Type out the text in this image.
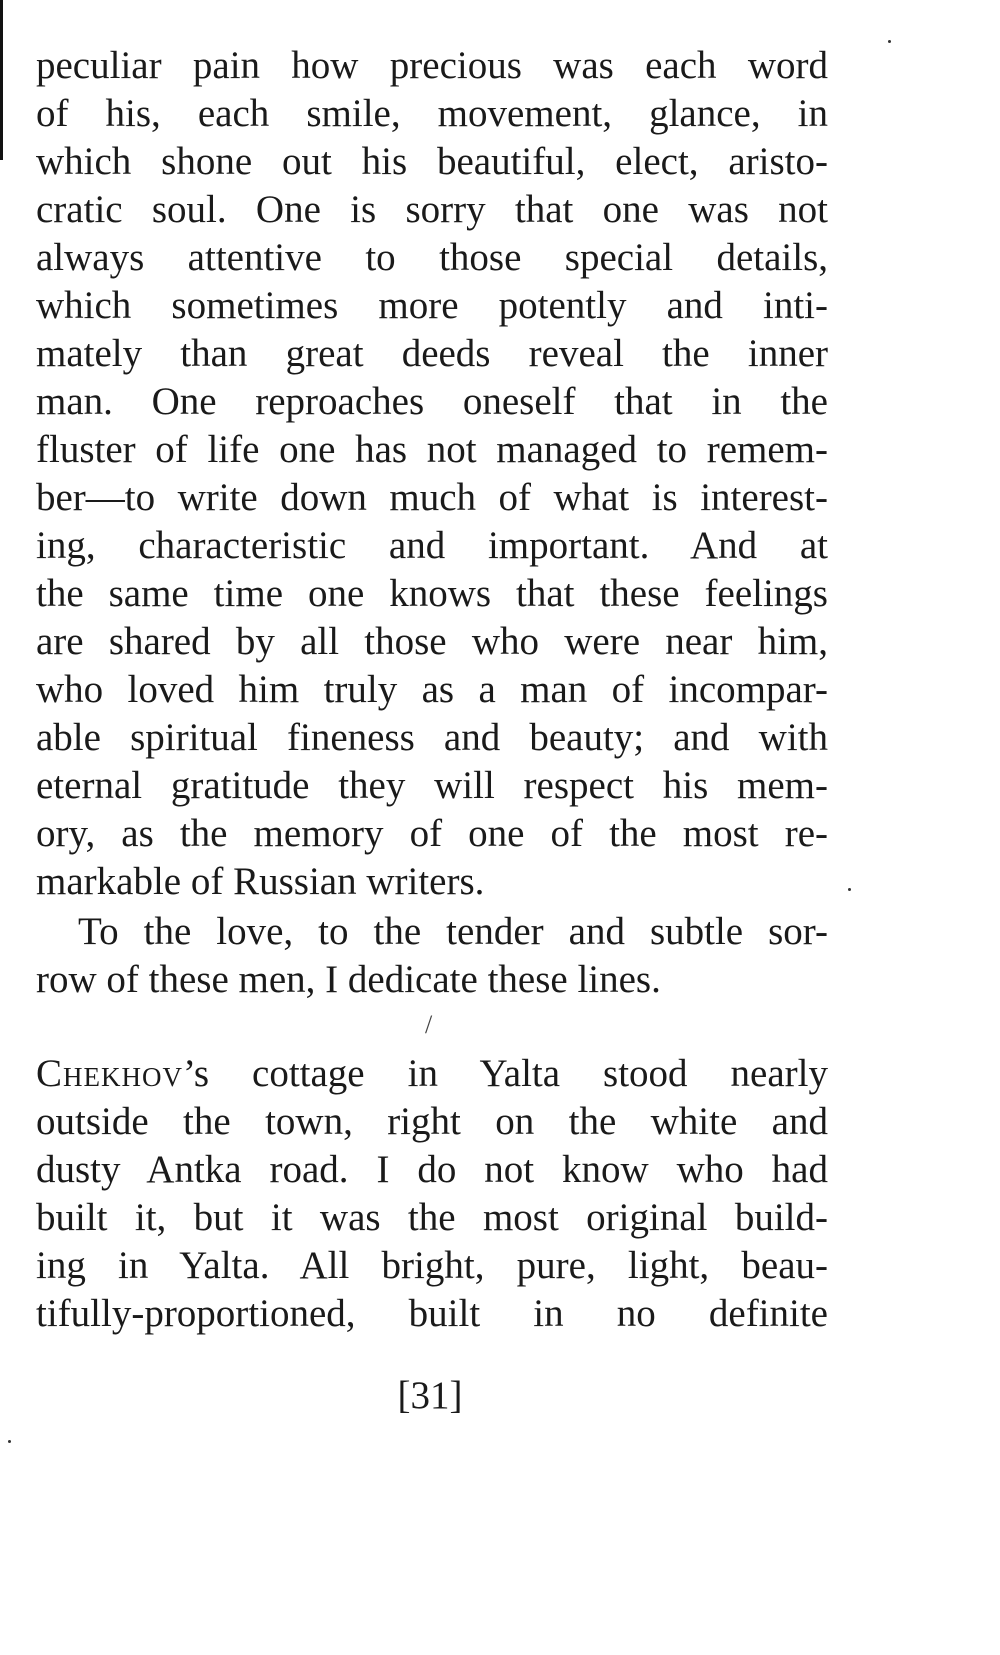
peculiar pain how precious was each word
of his, each smile, movement, glance, in
which shone out his beautiful, elect, aristo-
cratic soul. One is sorry that one was not
always attentive to those special details,
which sometimes more potently and inti-
mately than great deeds reveal the inner
man. One reproaches oneself that in the
fluster of life one has not managed to remem-
ber—to write down much of what is interest-
ing, characteristic and important. And at
the same time one knows that these feelings
are shared by all those who were near him,
who loved him truly as a man of incompar-
able spiritual fineness and beauty; and with
eternal gratitude they will respect his mem-
ory, as the memory of one of the most re-
markable of Russian writers.
To the love, to the tender and subtle sor-
row of these men, I dedicate these lines.
/
Chekhov’s cottage in Yalta stood nearly
outside the town, right on the white and
dusty Antka road. I do not know who had
built it, but it was the most original build-
ing in Yalta. All bright, pure, light, beau-
tifully-proportioned, built in no definite
[31]
